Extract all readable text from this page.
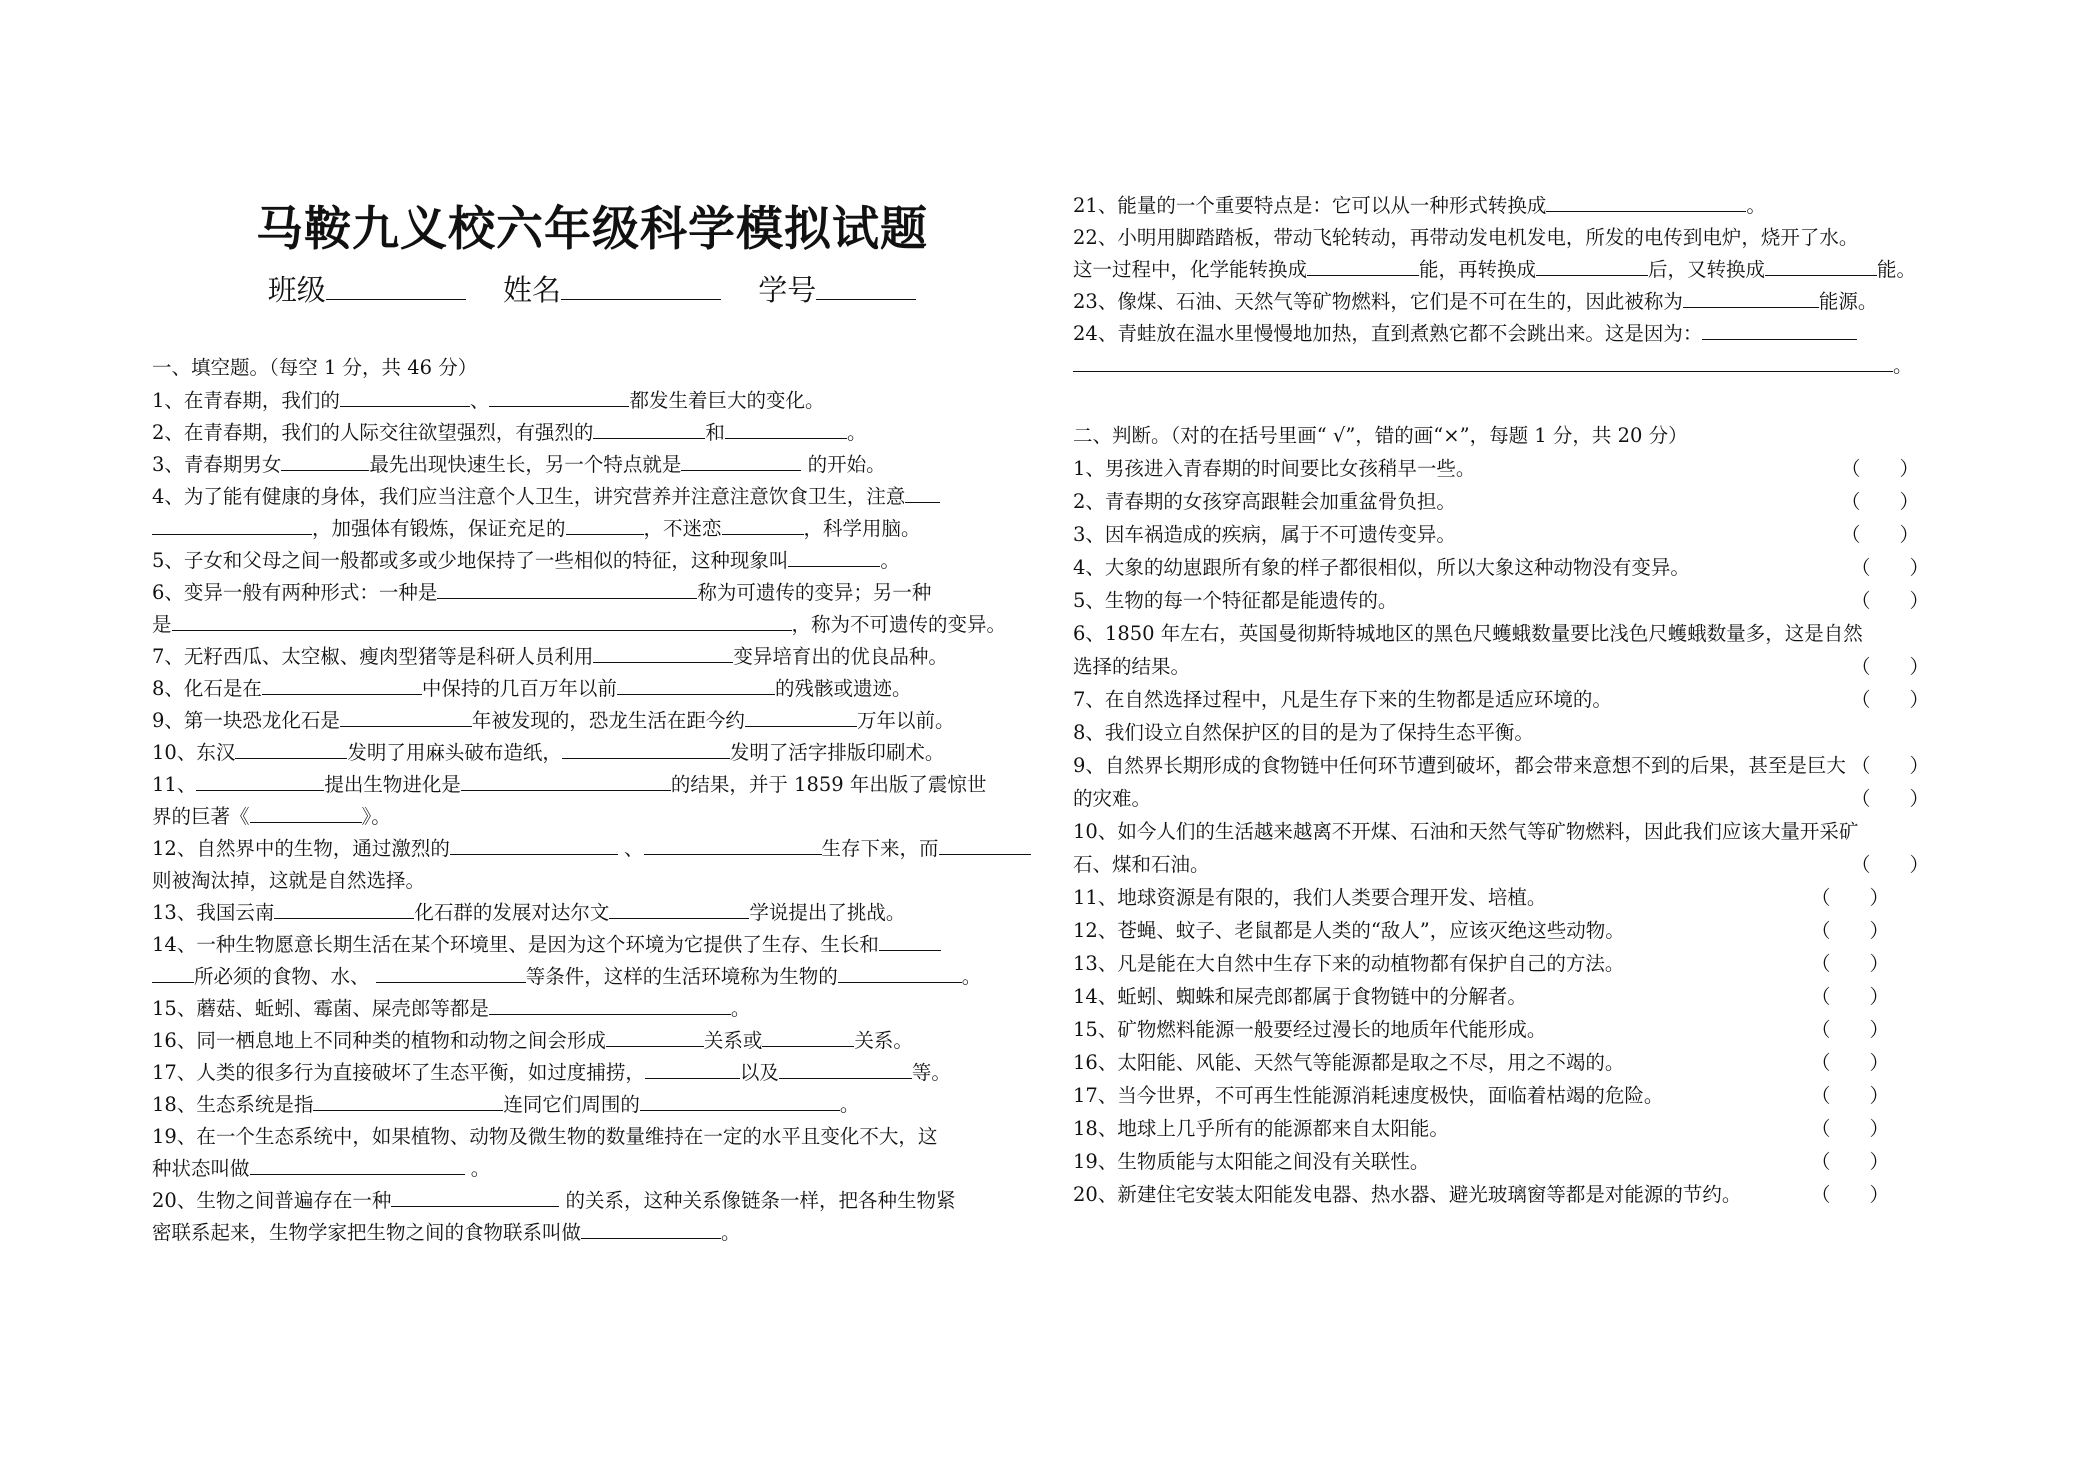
马鞍九义校六年级科学模拟试题
班级	姓名	学号
一、填空题。（每空 1 分，共 46 分）
1、在青春期，我们的	、	都发生着巨大的变化。
2、在青春期，我们的人际交往欲望强烈，有强烈的	和	。
3、青春期男女	最先出现快速生长，另一个特点就是	的开始。
4、为了能有健康的身体，我们应当注意个人卫生，讲究营养并注意注意饮食卫生，注意
，加强体有锻炼，保证充足的	，不迷恋	，科学用脑。
5、子女和父母之间一般都或多或少地保持了一些相似的特征，这种现象叫	。
6、变异一般有两种形式：一种是	称为可遗传的变异；另一种
是	，称为不可遗传的变异。
7、无籽西瓜、太空椒、瘦肉型猪等是科研人员利用	变异培育出的优良品种。
8、化石是在	中保持的几百万年以前	的残骸或遗迹。
9、第一块恐龙化石是	年被发现的，恐龙生活在距今约	万年以前。
10、东汉	发明了用麻头破布造纸，	发明了活字排版印刷术。
11、	提出生物进化是	的结果，并于 1859 年出版了震惊世
界的巨著《	》。
12、自然界中的生物，通过激烈的	、	生存下来，而
则被淘汰掉，这就是自然选择。
13、我国云南	化石群的发展对达尔文	学说提出了挑战。
14、一种生物愿意长期生活在某个环境里、是因为这个环境为它提供了生存、生长和
所必须的食物、水、	等条件，这样的生活环境称为生物的	。
15、蘑菇、蚯蚓、霉菌、屎壳郎等都是	。
16、同一栖息地上不同种类的植物和动物之间会形成	关系或	关系。
17、人类的很多行为直接破坏了生态平衡，如过度捕捞，	以及	等。
18、生态系统是指	连同它们周围的	。
19、在一个生态系统中，如果植物、动物及微生物的数量维持在一定的水平且变化不大，这
种状态叫做	。
20、生物之间普遍存在一种	的关系，这种关系像链条一样，把各种生物紧
密联系起来，生物学家把生物之间的食物联系叫做	。
21、能量的一个重要特点是：它可以从一种形式转换成	。
22、小明用脚踏踏板，带动飞轮转动，再带动发电机发电，所发的电传到电炉，烧开了水。
这一过程中，化学能转换成	能，再转换成	后，又转换成	能。
23、像煤、石油、天然气等矿物燃料，它们是不可在生的，因此被称为	能源。
24、青蛙放在温水里慢慢地加热，直到煮熟它都不会跳出来。这是因为：
。
二、判断。（对的在括号里画“ √”，错的画“×”，每题 1 分，共 20 分）
1、男孩进入青春期的时间要比女孩稍早一些。	（　　）
2、青春期的女孩穿高跟鞋会加重盆骨负担。	（　　）
3、因车祸造成的疾病，属于不可遗传变异。	（　　）
4、大象的幼崽跟所有象的样子都很相似，所以大象这种动物没有变异。	（　　）
5、生物的每一个特征都是能遗传的。	（　　）
6、1850 年左右，英国曼彻斯特城地区的黑色尺蠖蛾数量要比浅色尺蠖蛾数量多，这是自然
选择的结果。	（　　）
7、在自然选择过程中，凡是生存下来的生物都是适应环境的。	（　　）
8、我们设立自然保护区的目的是为了保持生态平衡。
9、自然界长期形成的食物链中任何环节遭到破坏，都会带来意想不到的后果，甚至是巨大 （　　）
的灾难。	（　　）
10、如今人们的生活越来越离不开煤、石油和天然气等矿物燃料，因此我们应该大量开采矿
石、煤和石油。	（　　）
11、地球资源是有限的，我们人类要合理开发、培植。	（　　）
12、苍蝇、蚊子、老鼠都是人类的“敌人”，应该灭绝这些动物。	（　　）
13、凡是能在大自然中生存下来的动植物都有保护自己的方法。	（　　）
14、蚯蚓、蜘蛛和屎壳郎都属于食物链中的分解者。	（　　）
15、矿物燃料能源一般要经过漫长的地质年代能形成。	（　　）
16、太阳能、风能、天然气等能源都是取之不尽，用之不竭的。	（　　）
17、当今世界，不可再生性能源消耗速度极快，面临着枯竭的危险。	（　　）
18、地球上几乎所有的能源都来自太阳能。	（　　）
19、生物质能与太阳能之间没有关联性。	（　　）
20、新建住宅安装太阳能发电器、热水器、避光玻璃窗等都是对能源的节约。	（　　）
